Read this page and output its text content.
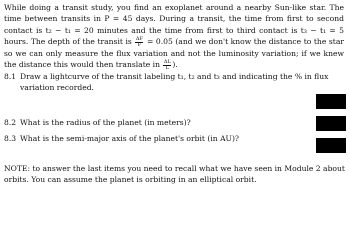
While doing a transit study, you find an exoplanet around a nearby Sun-like star. The time between transits in P = 45 days. During a transit, the time from first to second contact is t₂ − t₁ = 20 minutes and the time from first to third contact is t₃ − t₁ = 5 hours. The depth of the transit is $\frac{\Delta F}{F} = 0.05$ (and we don't know the distance to the star so we can only measure the flux variation and not the luminosity variation; if we knew the distance this would then translate in $\frac{\Delta L}{L}$ ).
8.1 Draw a lightcurve of the transit labeling t₁, t₂ and t₃ and indicating the % in flux
variation recorded.
8.2 What is the radius of the planet (in meters)?
8.3 What is the semi-major axis of the planet's orbit (in AU)?
NOTE: to answer the last items you need to recall what we have seen in Module 2 about orbits. You can assume the planet is orbiting in an elliptical orbit.
